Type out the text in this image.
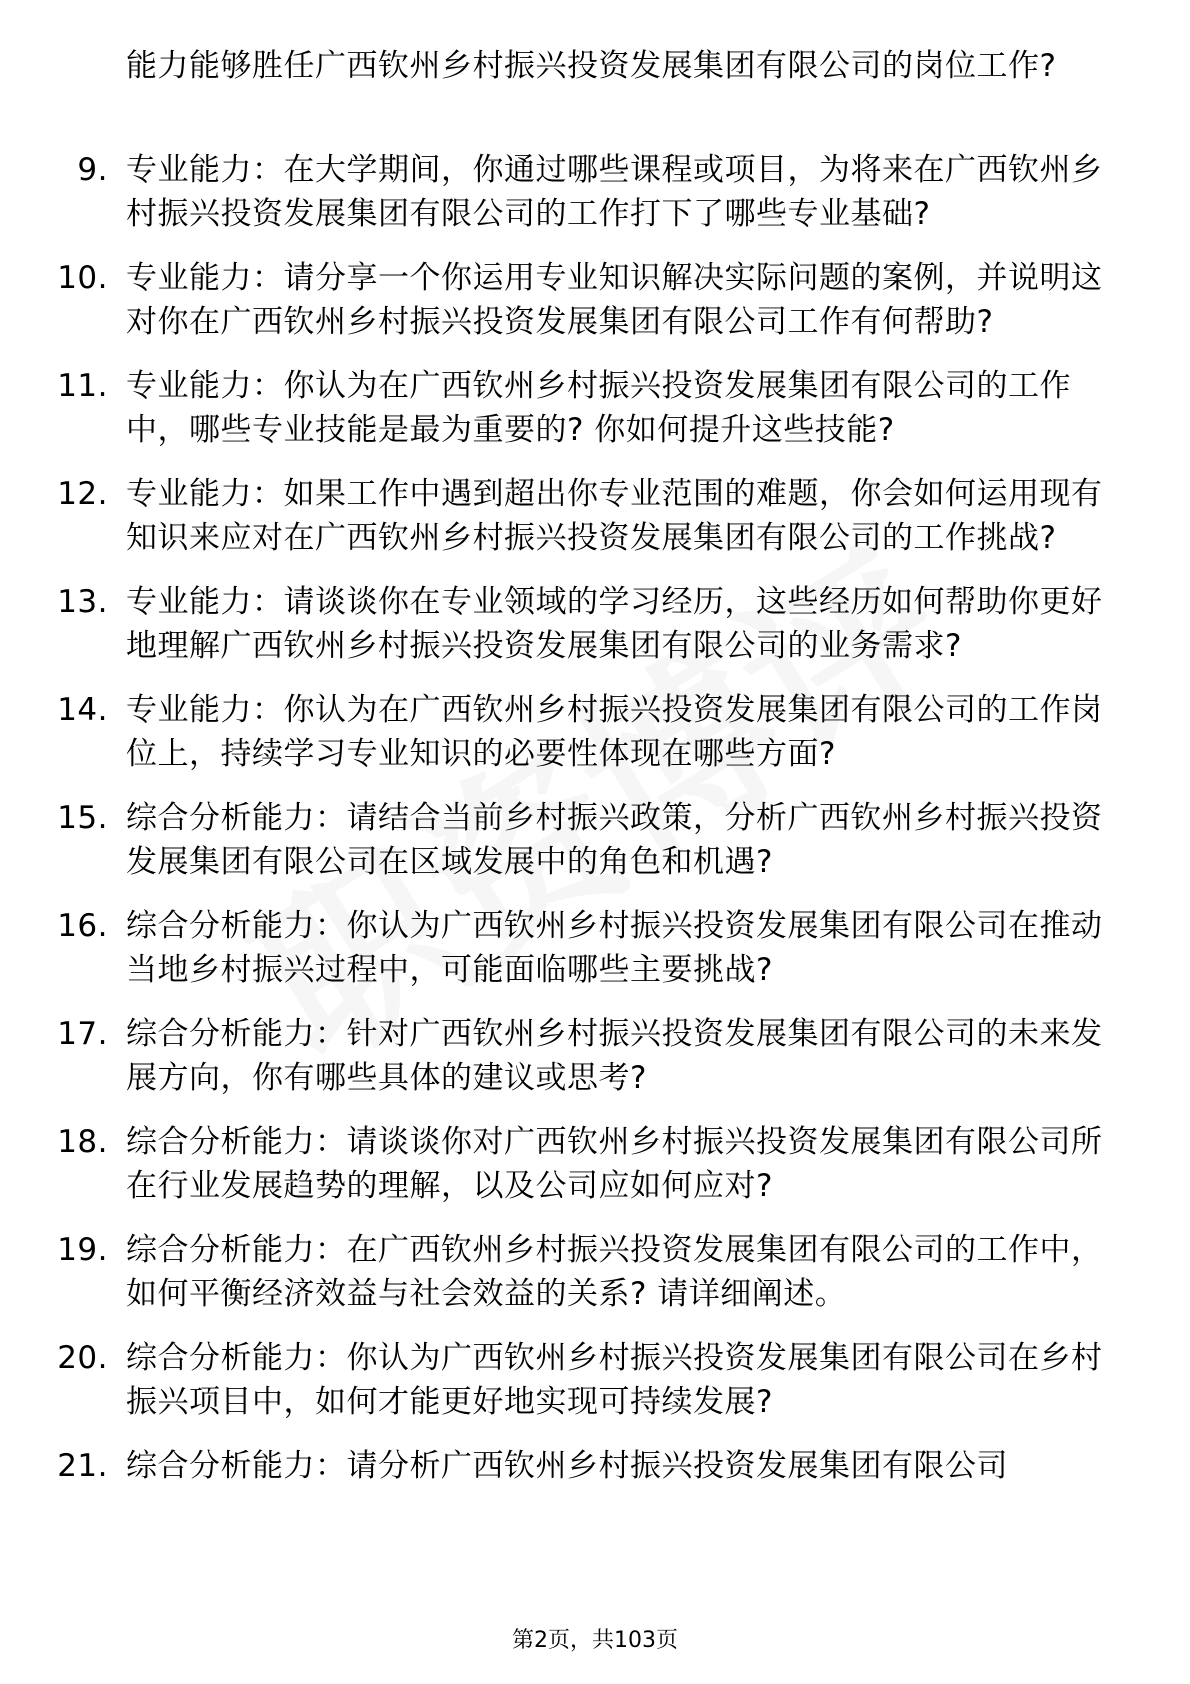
能力能够胜任广西钦州乡村振兴投资发展集团有限公司的岗位工作?
9. 专业能力：在大学期间，你通过哪些课程或项目，为将来在广西钦州乡村振兴投资发展集团有限公司的工作打下了哪些专业基础?
10. 专业能力：请分享一个你运用专业知识解决实际问题的案例，并说明这对你在广西钦州乡村振兴投资发展集团有限公司工作有何帮助?
11. 专业能力：你认为在广西钦州乡村振兴投资发展集团有限公司的工作中，哪些专业技能是最为重要的? 你如何提升这些技能?
12. 专业能力：如果工作中遇到超出你专业范围的难题，你会如何运用现有知识来应对在广西钦州乡村振兴投资发展集团有限公司的工作挑战?
13. 专业能力：请谈谈你在专业领域的学习经历，这些经历如何帮助你更好地理解广西钦州乡村振兴投资发展集团有限公司的业务需求?
14. 专业能力：你认为在广西钦州乡村振兴投资发展集团有限公司的工作岗位上，持续学习专业知识的必要性体现在哪些方面?
15. 综合分析能力：请结合当前乡村振兴政策，分析广西钦州乡村振兴投资发展集团有限公司在区域发展中的角色和机遇?
16. 综合分析能力：你认为广西钦州乡村振兴投资发展集团有限公司在推动当地乡村振兴过程中，可能面临哪些主要挑战?
17. 综合分析能力：针对广西钦州乡村振兴投资发展集团有限公司的未来发展方向，你有哪些具体的建议或思考?
18. 综合分析能力：请谈谈你对广西钦州乡村振兴投资发展集团有限公司所在行业发展趋势的理解，以及公司应如何应对?
19. 综合分析能力：在广西钦州乡村振兴投资发展集团有限公司的工作中，如何平衡经济效益与社会效益的关系? 请详细阐述。
20. 综合分析能力：你认为广西钦州乡村振兴投资发展集团有限公司在乡村振兴项目中，如何才能更好地实现可持续发展?
21. 综合分析能力：请分析广西钦州乡村振兴投资发展集团有限公司
第2页，共103页
